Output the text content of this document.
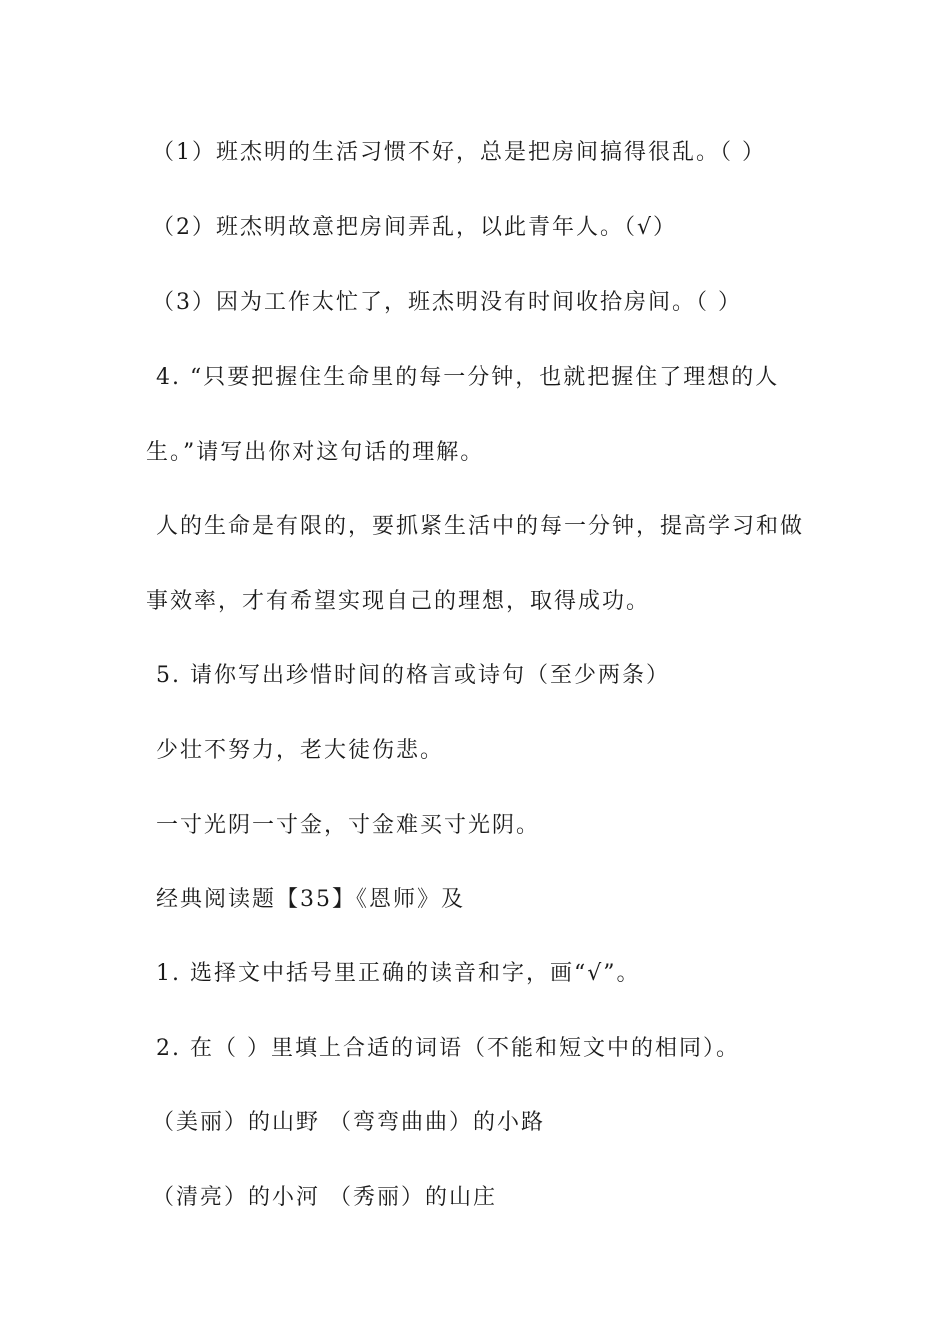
（1）班杰明的生活习惯不好，总是把房间搞得很乱。（ ）
（2）班杰明故意把房间弄乱，以此青年人。（√）
（3）因为工作太忙了，班杰明没有时间收拾房间。（ ）
4. “只要把握住生命里的每一分钟，也就把握住了理想的人
生。”请写出你对这句话的理解。
人的生命是有限的，要抓紧生活中的每一分钟，提高学习和做
事效率，才有希望实现自己的理想，取得成功。
5. 请你写出珍惜时间的格言或诗句（至少两条）
少壮不努力，老大徒伤悲。
一寸光阴一寸金，寸金难买寸光阴。
经典阅读题【35】《恩师》及
1. 选择文中括号里正确的读音和字，画“√”。
2. 在（ ）里填上合适的词语（不能和短文中的相同）。
（美丽）的山野 （弯弯曲曲）的小路
（清亮）的小河 （秀丽）的山庄
